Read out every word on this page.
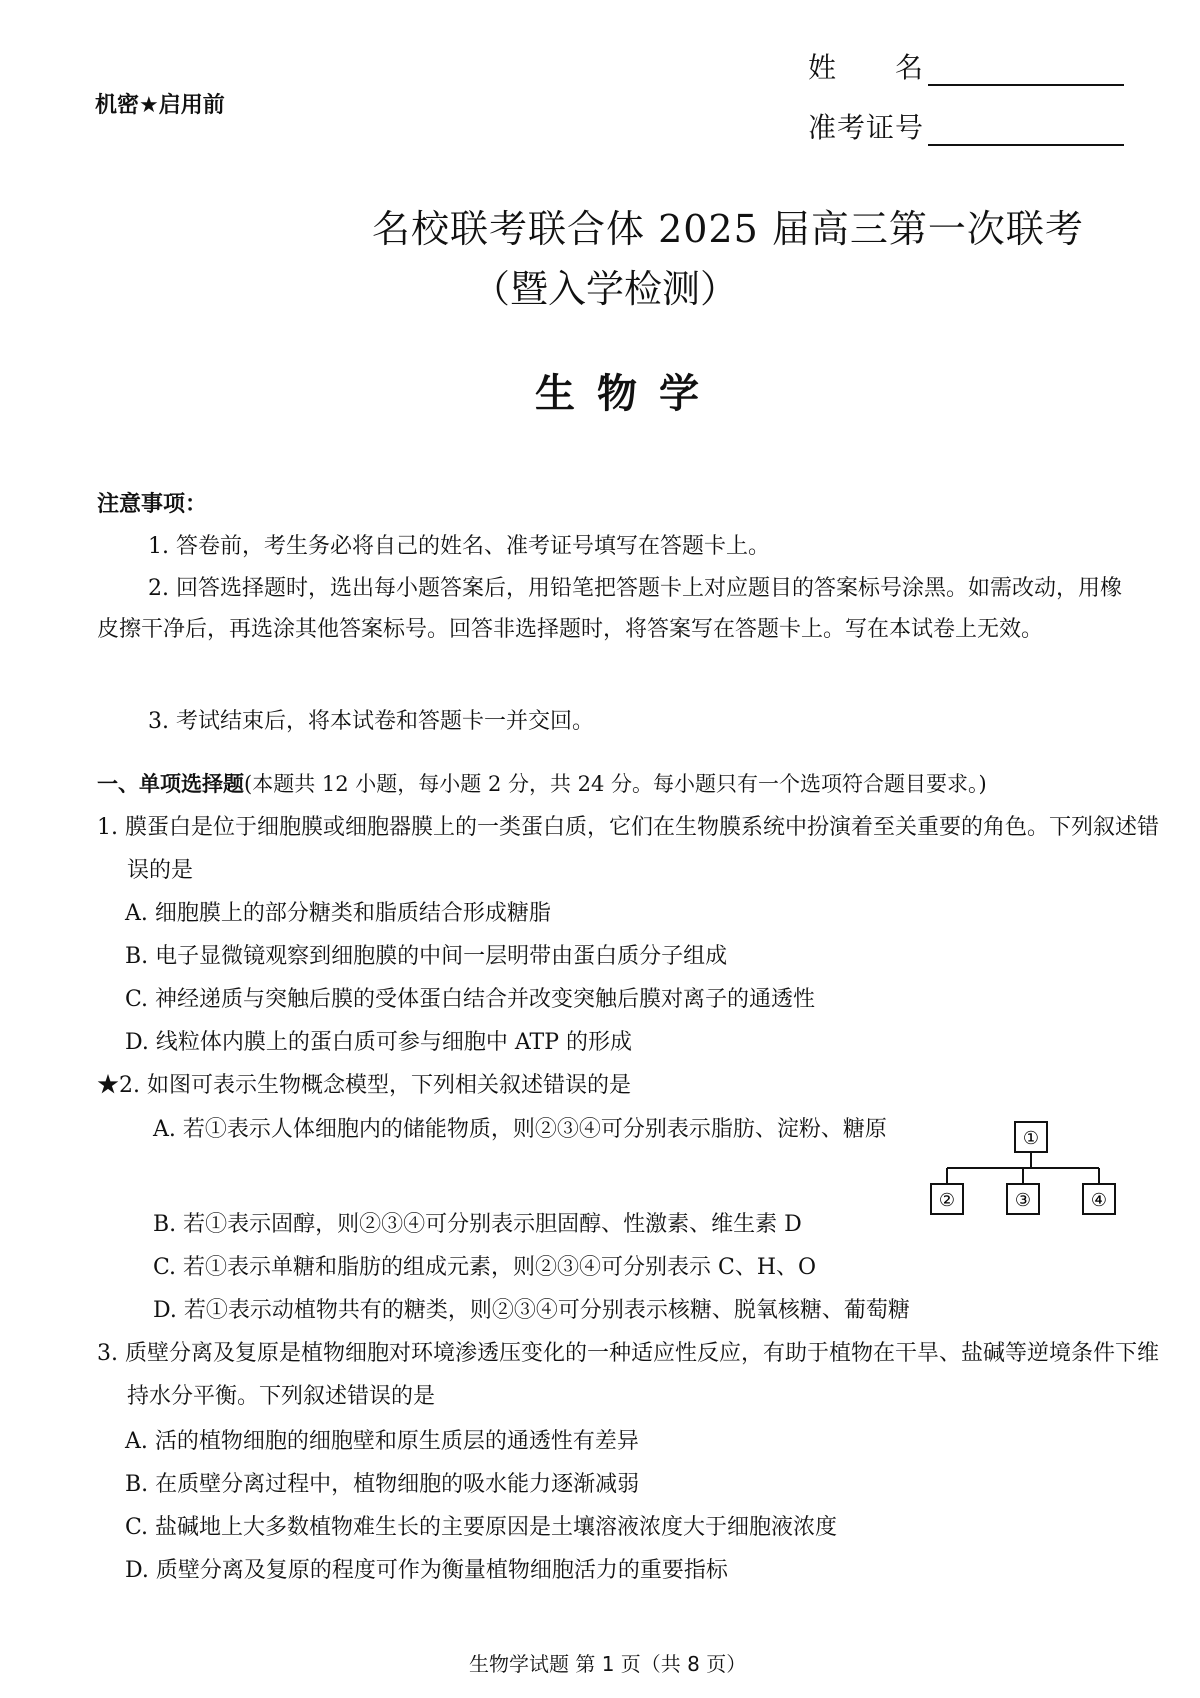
机密★启用前
姓　　名
准考证号
名校联考联合体 2025 届高三第一次联考
（暨入学检测）
生物学
注意事项：
1. 答卷前，考生务必将自己的姓名、准考证号填写在答题卡上。
2. 回答选择题时，选出每小题答案后，用铅笔把答题卡上对应题目的答案标号涂黑。如需改动，用橡皮擦干净后，再选涂其他答案标号。回答非选择题时，将答案写在答题卡上。写在本试卷上无效。
3. 考试结束后，将本试卷和答题卡一并交回。
一、单项选择题(本题共 12 小题，每小题 2 分，共 24 分。每小题只有一个选项符合题目要求。)
1. 膜蛋白是位于细胞膜或细胞器膜上的一类蛋白质，它们在生物膜系统中扮演着至关重要的角色。下列叙述错误的是
A. 细胞膜上的部分糖类和脂质结合形成糖脂
B. 电子显微镜观察到细胞膜的中间一层明带由蛋白质分子组成
C. 神经递质与突触后膜的受体蛋白结合并改变突触后膜对离子的通透性
D. 线粒体内膜上的蛋白质可参与细胞中 ATP 的形成
★2. 如图可表示生物概念模型，下列相关叙述错误的是
A. 若①表示人体细胞内的储能物质，则②③④可分别表示脂肪、淀粉、糖原
B. 若①表示固醇，则②③④可分别表示胆固醇、性激素、维生素 D
C. 若①表示单糖和脂肪的组成元素，则②③④可分别表示 C、H、O
D. 若①表示动植物共有的糖类，则②③④可分别表示核糖、脱氧核糖、葡萄糖
①
②	③	④
3. 质壁分离及复原是植物细胞对环境渗透压变化的一种适应性反应，有助于植物在干旱、盐碱等逆境条件下维持水分平衡。下列叙述错误的是
A. 活的植物细胞的细胞壁和原生质层的通透性有差异
B. 在质壁分离过程中，植物细胞的吸水能力逐渐减弱
C. 盐碱地上大多数植物难生长的主要原因是土壤溶液浓度大于细胞液浓度
D. 质壁分离及复原的程度可作为衡量植物细胞活力的重要指标
生物学试题 第 1 页（共 8 页）
